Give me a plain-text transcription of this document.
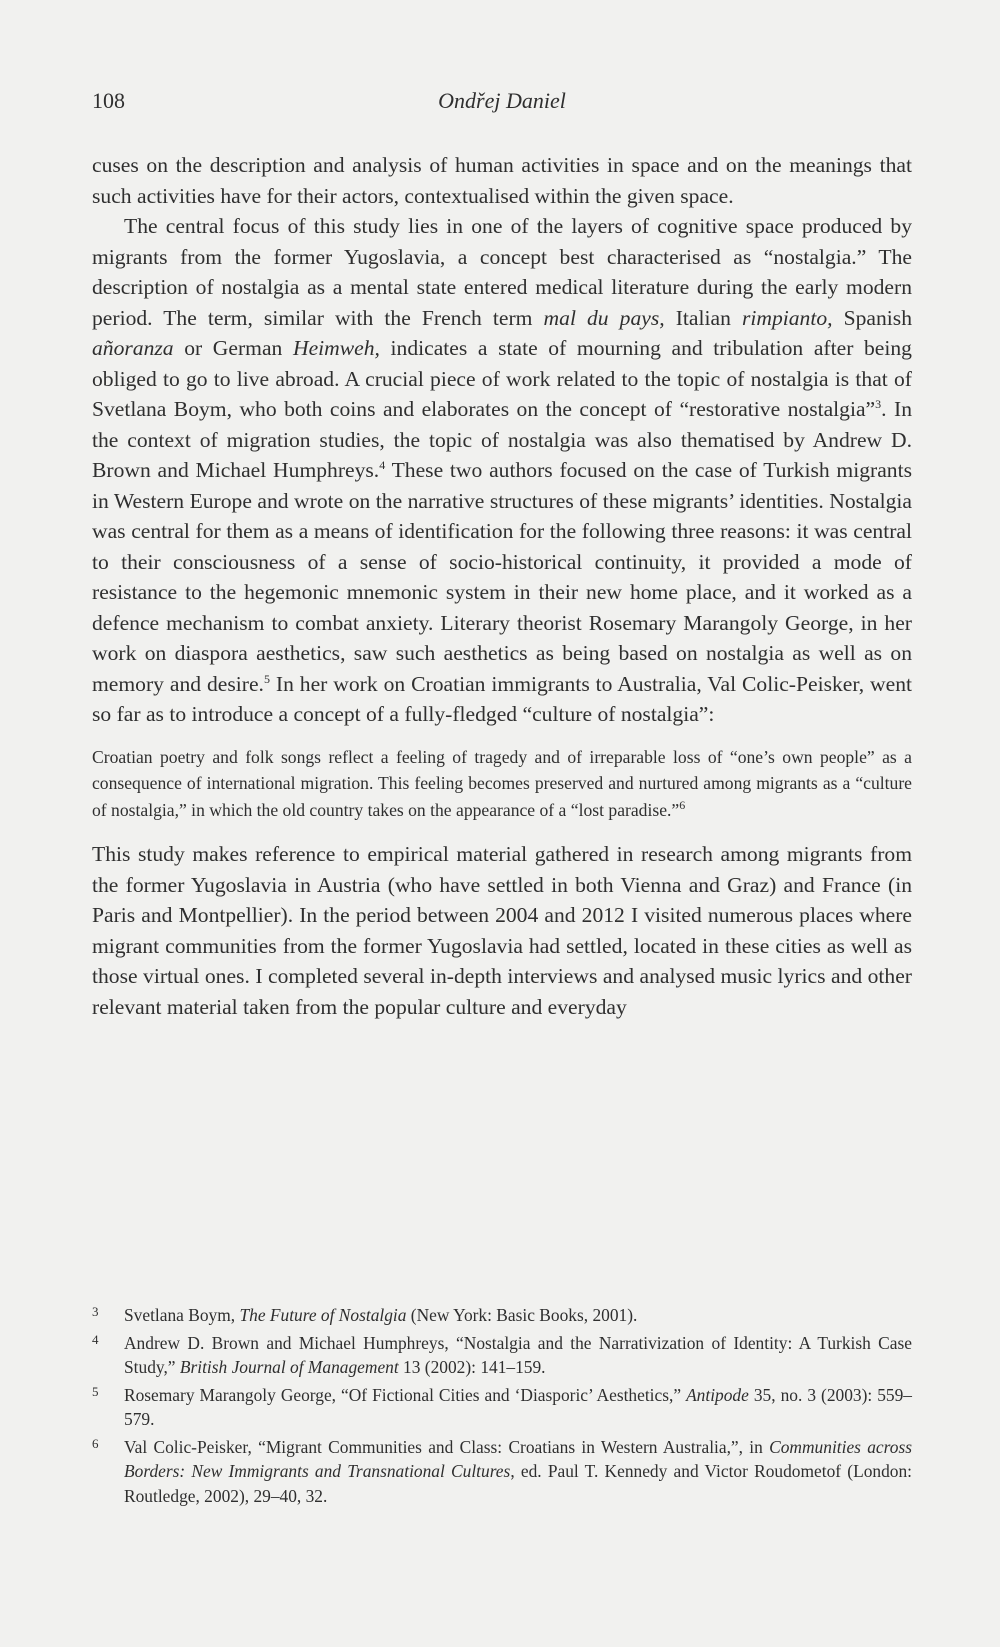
108	Ondřej Daniel

cuses on the description and analysis of human activities in space and on the meanings that such activities have for their actors, contextualised within the given space.

The central focus of this study lies in one of the layers of cognitive space produced by migrants from the former Yugoslavia, a concept best characterised as “nostalgia.” The description of nostalgia as a mental state entered medical literature during the early modern period. The term, similar with the French term mal du pays, Italian rimpianto, Spanish añoranza or German Heimweh, indicates a state of mourning and tribulation after being obliged to go to live abroad. A crucial piece of work related to the topic of nostalgia is that of Svetlana Boym, who both coins and elaborates on the concept of “restorative nostalgia”$^3$. In the context of migration studies, the topic of nostalgia was also thematised by Andrew D. Brown and Michael Humphreys.$^4$ These two authors focused on the case of Turkish migrants in Western Europe and wrote on the narrative structures of these migrants’ identities. Nostalgia was central for them as a means of identification for the following three reasons: it was central to their consciousness of a sense of socio-historical continuity, it provided a mode of resistance to the hegemonic mnemonic system in their new home place, and it worked as a defence mechanism to combat anxiety. Literary theorist Rosemary Marangoly George, in her work on diaspora aesthetics, saw such aesthetics as being based on nostalgia as well as on memory and desire.$^5$ In her work on Croatian immigrants to Australia, Val Colic-Peisker, went so far as to introduce a concept of a fully-fledged “culture of nostalgia”:

Croatian poetry and folk songs reflect a feeling of tragedy and of irreparable loss of “one’s own people” as a consequence of international migration. This feeling becomes preserved and nurtured among migrants as a “culture of nostalgia,” in which the old country takes on the appearance of a “lost paradise.”$^6$

This study makes reference to empirical material gathered in research among migrants from the former Yugoslavia in Austria (who have settled in both Vienna and Graz) and France (in Paris and Montpellier). In the period between 2004 and 2012 I visited numerous places where migrant communities from the former Yugoslavia had settled, located in these cities as well as those virtual ones. I completed several in-depth interviews and analysed music lyrics and other relevant material taken from the popular culture and everyday

3 Svetlana Boym, The Future of Nostalgia (New York: Basic Books, 2001).
4 Andrew D. Brown and Michael Humphreys, “Nostalgia and the Narrativization of Identity: A Turkish Case Study,” British Journal of Management 13 (2002): 141–159.
5 Rosemary Marangoly George, “Of Fictional Cities and ‘Diasporic’ Aesthetics,” Antipode 35, no. 3 (2003): 559–579.
6 Val Colic-Peisker, “Migrant Communities and Class: Croatians in Western Australia,”, in Communities across Borders: New Immigrants and Transnational Cultures, ed. Paul T. Kennedy and Victor Roudometof (London: Routledge, 2002), 29–40, 32.
